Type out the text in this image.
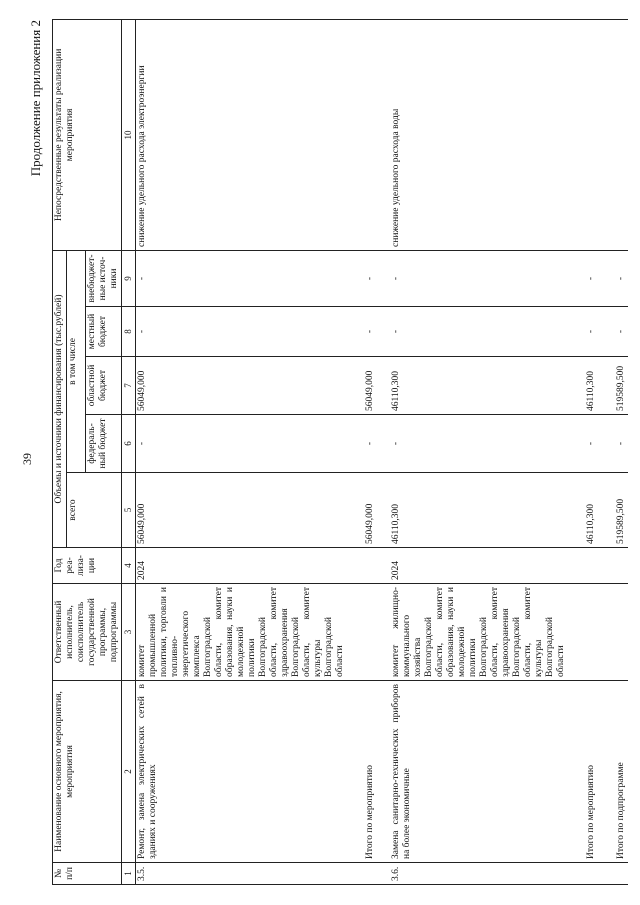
39
Продолжение приложения 2
№ п/п	Наименование основного мероприятия, мероприятия	Ответственный исполнитель, соисполнитель государственной программы, подпрограммы	Год реа- лиза- ции	Объемы и источники финансирования (тыс.рублей)					Непосредственные результаты реализации мероприятия
				всего	в том числе				
					федераль- ный бюджет	областной бюджет	местный бюджет	внебюджет- ные источ- ники	
1	2	3	4	5	6	7	8	9	10
3.5.	Ремонт, замена электрических сетей в зданиях и сооружениях	комитет промышленной политики, торговли и топливно-энергетического комплекса Волгоградской области, комитет образования, науки и молодежной политики Волгоградской области, комитет здравоохранения Волгоградской области, комитет культуры Волгоградской области	2024	56049,000	-	56049,000	-	-	снижение удельного расхода электроэнергии
	Итого по мероприятию			56049,000	-	56049,000	-	-	
3.6.	Замена санитарно-технических приборов на более экономичные	комитет жилищно-коммунального хозяйства Волгоградской области, комитет образования, науки и молодежной политики Волгоградской области, комитет здравоохранения Волгоградской области, комитет культуры Волгоградской области	2024	46110,300	-	46110,300	-	-	снижение удельного расхода воды
	Итого по мероприятию			46110,300	-	46110,300	-	-	
	Итого по подпрограмме			519589,500	-	519589,500	-	-	
